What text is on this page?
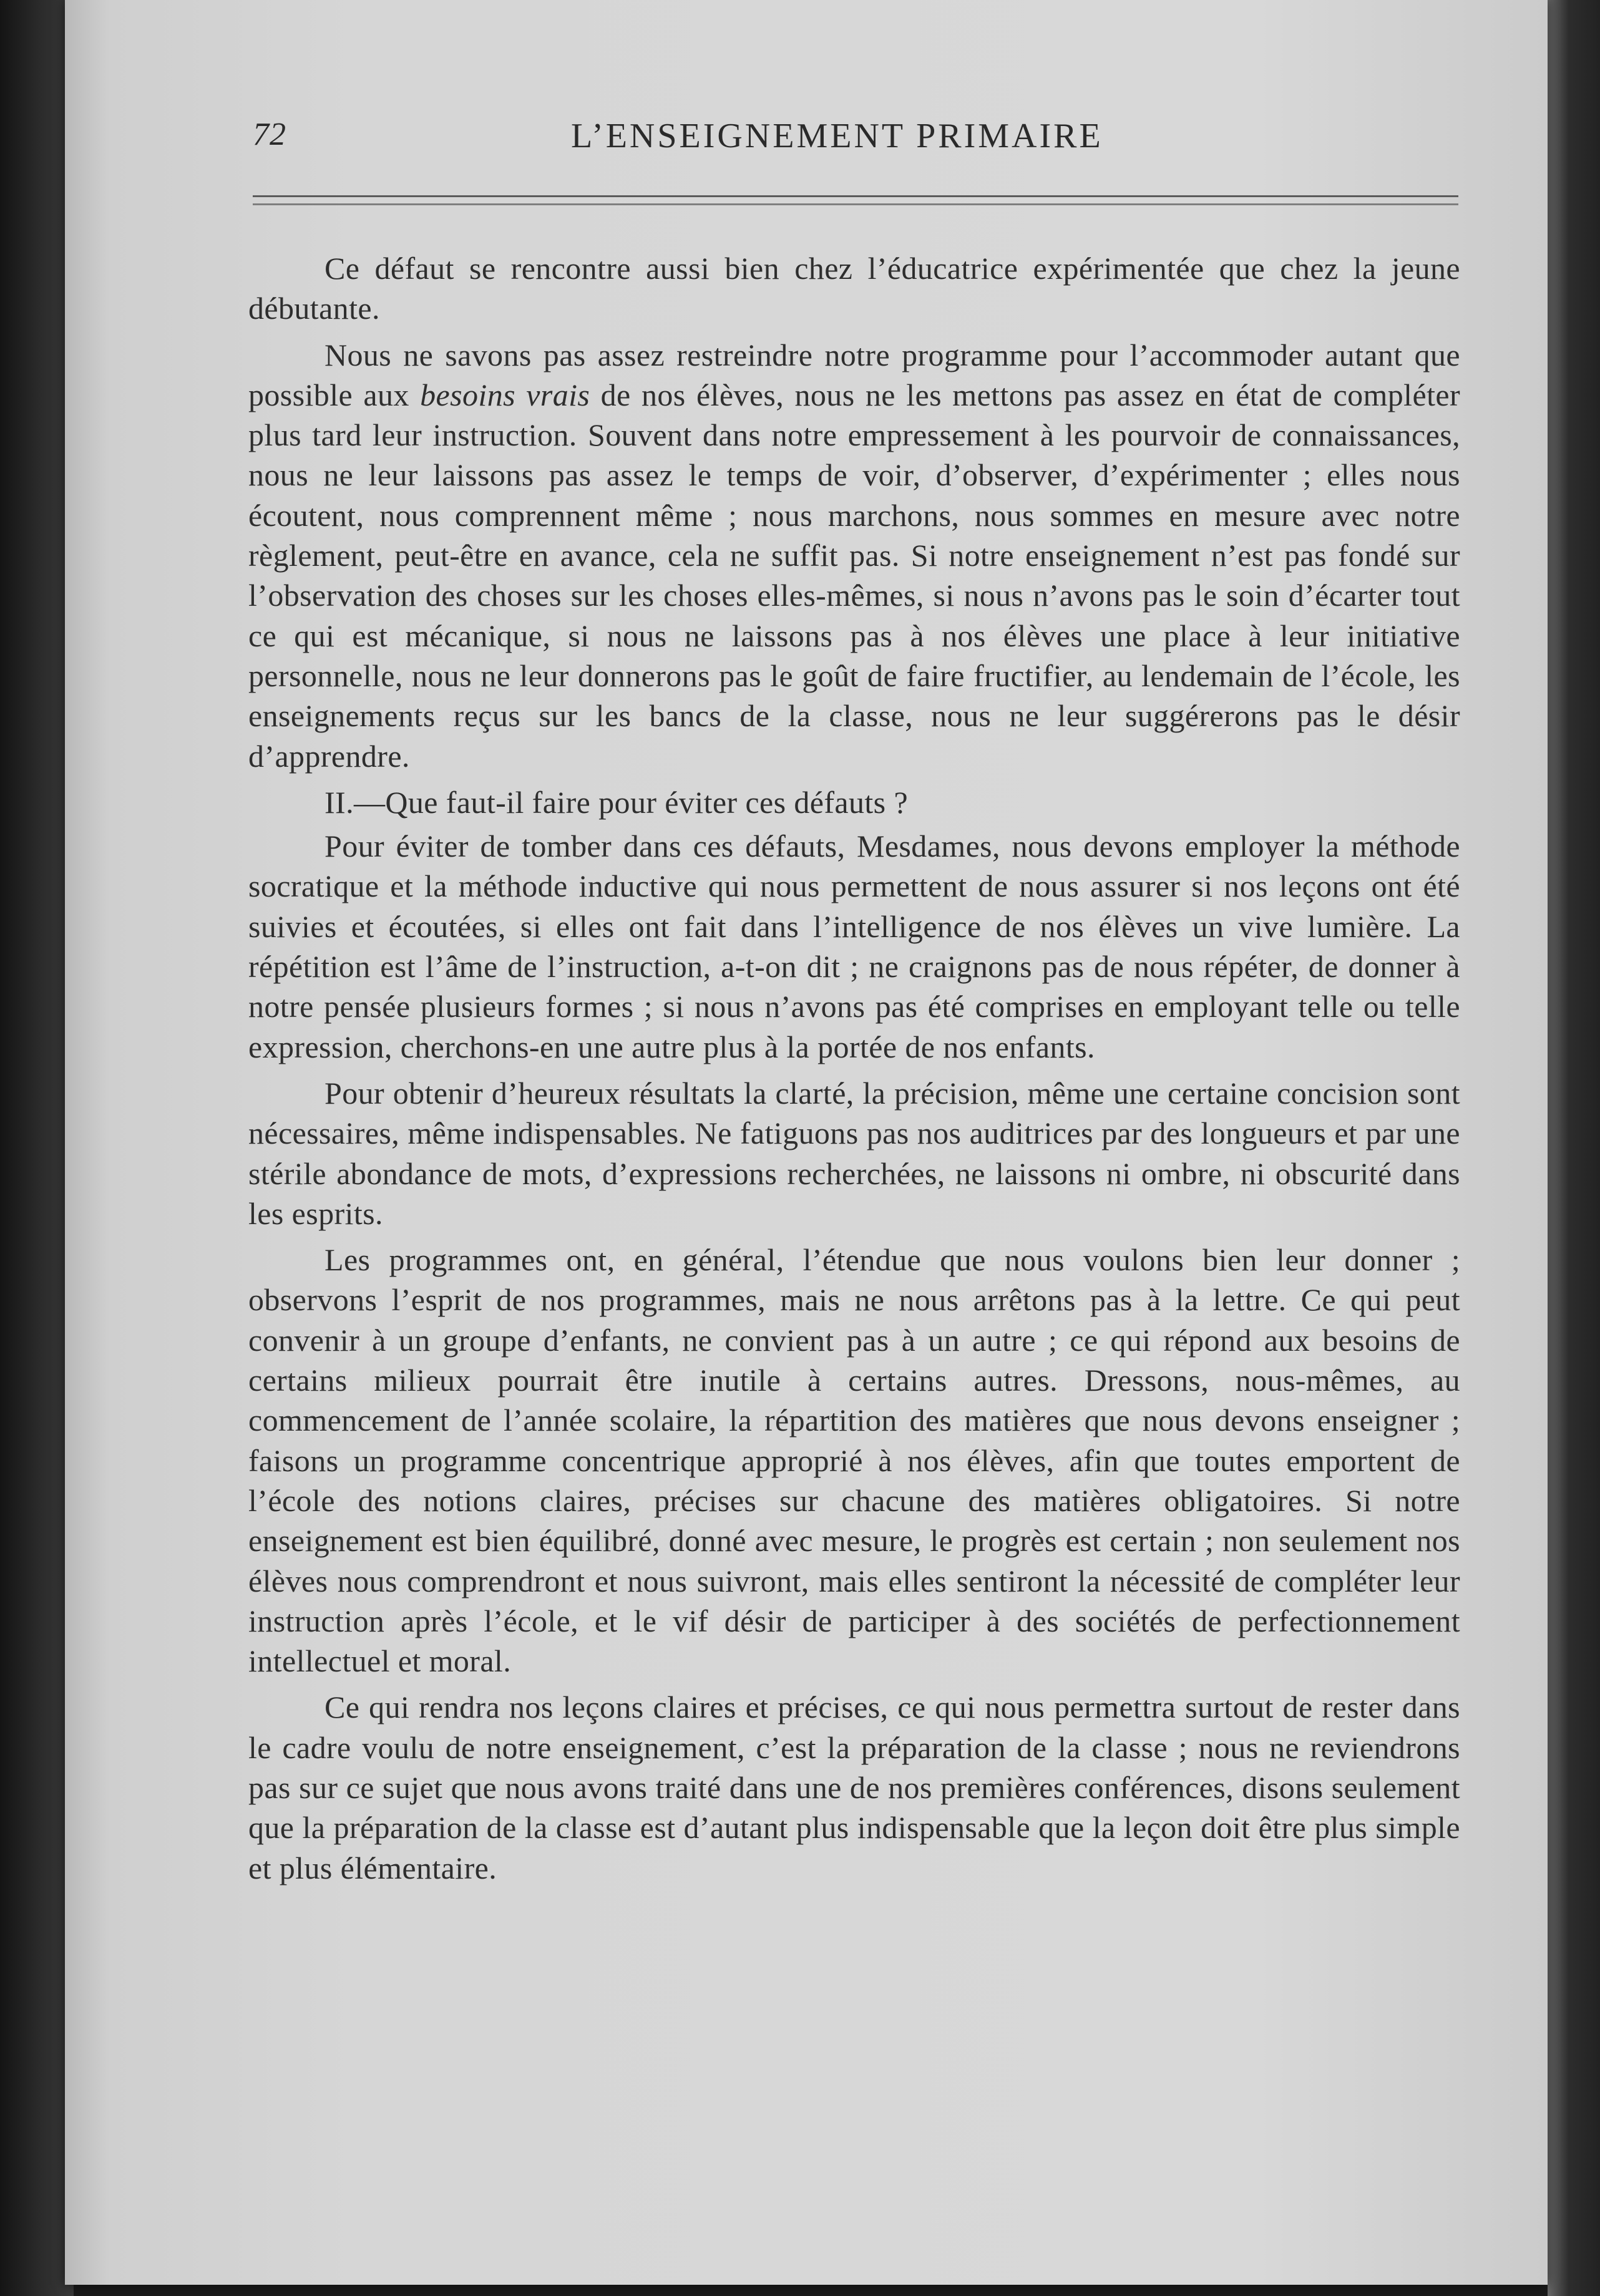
72	L’ENSEIGNEMENT PRIMAIRE

Ce défaut se rencontre aussi bien chez l’éducatrice expérimentée que chez la jeune débutante.

Nous ne savons pas assez restreindre notre programme pour l’accommoder autant que possible aux besoins vrais de nos élèves, nous ne les mettons pas assez en état de compléter plus tard leur instruction. Souvent dans notre empressement à les pourvoir de connaissances, nous ne leur laissons pas assez le temps de voir, d’observer, d’expérimenter ; elles nous écoutent, nous comprennent même ; nous marchons, nous sommes en mesure avec notre règlement, peut-être en avance, cela ne suffit pas. Si notre enseignement n’est pas fondé sur l’observation des choses sur les choses elles-mêmes, si nous n’avons pas le soin d’écarter tout ce qui est mécanique, si nous ne laissons pas à nos élèves une place à leur initiative personnelle, nous ne leur donnerons pas le goût de faire fructifier, au lendemain de l’école, les enseignements reçus sur les bancs de la classe, nous ne leur suggérerons pas le désir d’apprendre.

II.—Que faut-il faire pour éviter ces défauts ?

Pour éviter de tomber dans ces défauts, Mesdames, nous devons employer la méthode socratique et la méthode inductive qui nous permettent de nous assurer si nos leçons ont été suivies et écoutées, si elles ont fait dans l’intelligence de nos élèves un vive lumière. La répétition est l’âme de l’instruction, a-t-on dit ; ne craignons pas de nous répéter, de donner à notre pensée plusieurs formes ; si nous n’avons pas été comprises en employant telle ou telle expression, cherchons-en une autre plus à la portée de nos enfants.

Pour obtenir d’heureux résultats la clarté, la précision, même une certaine concision sont nécessaires, même indispensables. Ne fatiguons pas nos auditrices par des longueurs et par une stérile abondance de mots, d’expressions recherchées, ne laissons ni ombre, ni obscurité dans les esprits.

Les programmes ont, en général, l’étendue que nous voulons bien leur donner ; observons l’esprit de nos programmes, mais ne nous arrêtons pas à la lettre. Ce qui peut convenir à un groupe d’enfants, ne convient pas à un autre ; ce qui répond aux besoins de certains milieux pourrait être inutile à certains autres. Dressons, nous-mêmes, au commencement de l’année scolaire, la répartition des matières que nous devons enseigner ; faisons un programme concentrique approprié à nos élèves, afin que toutes emportent de l’école des notions claires, précises sur chacune des matières obligatoires. Si notre enseignement est bien équilibré, donné avec mesure, le progrès est certain ; non seulement nos élèves nous comprendront et nous suivront, mais elles sentiront la nécessité de compléter leur instruction après l’école, et le vif désir de participer à des sociétés de perfectionnement intellectuel et moral.

Ce qui rendra nos leçons claires et précises, ce qui nous permettra surtout de rester dans le cadre voulu de notre enseignement, c’est la préparation de la classe ; nous ne reviendrons pas sur ce sujet que nous avons traité dans une de nos premières conférences, disons seulement que la préparation de la classe est d’autant plus indispensable que la leçon doit être plus simple et plus élémentaire.
